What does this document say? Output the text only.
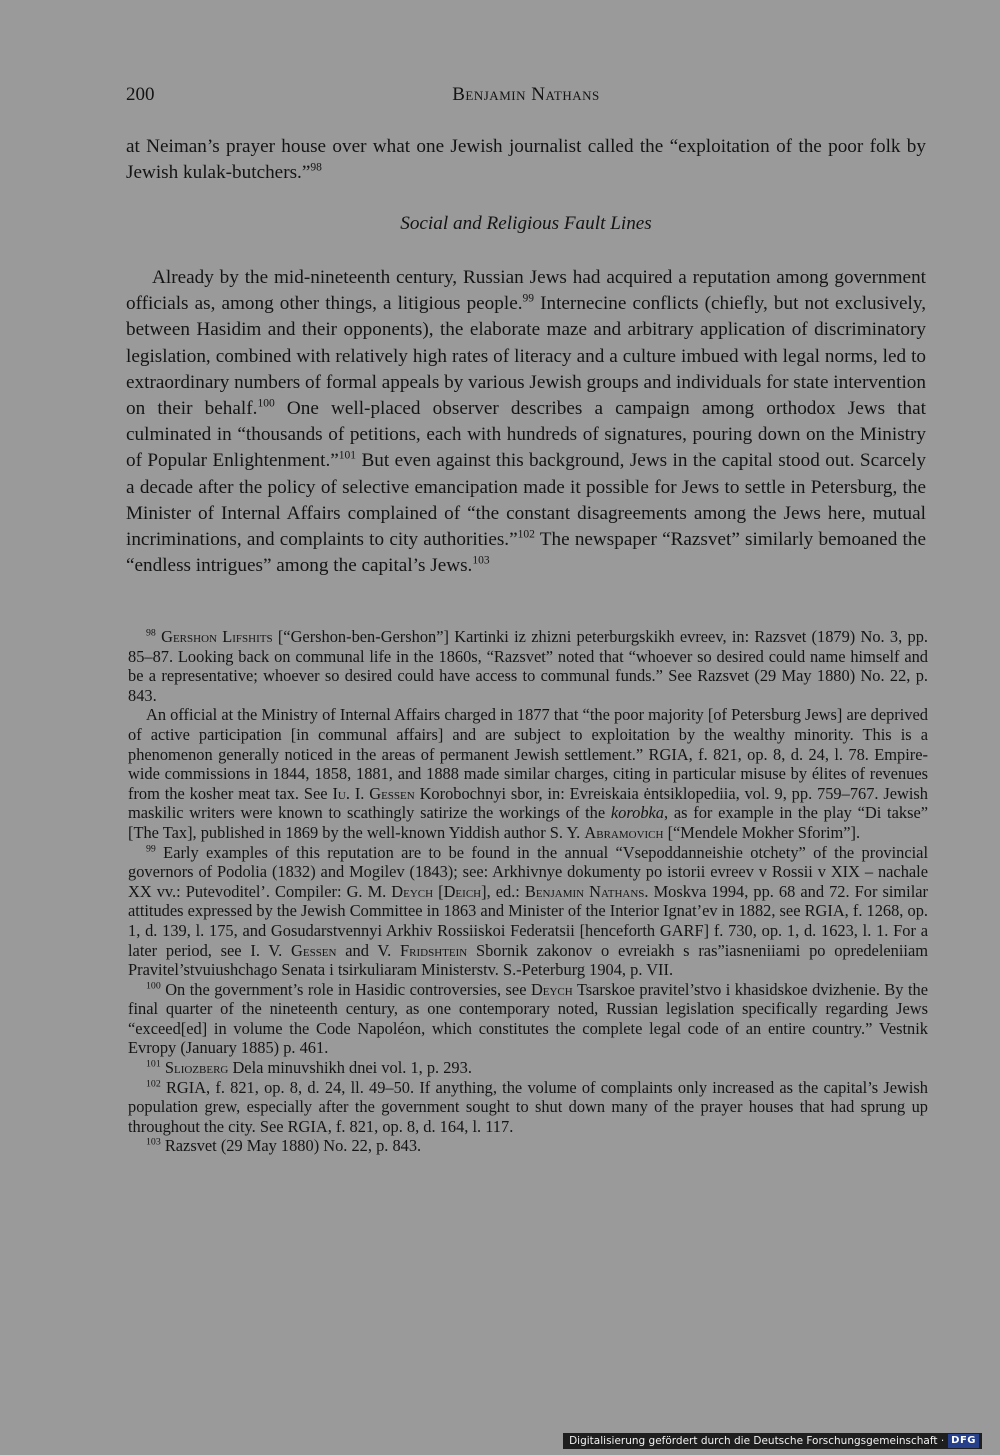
200	Benjamin Nathans
at Neiman’s prayer house over what one Jewish journalist called the “exploitation of the poor folk by Jewish kulak-butchers.”$^{98}$
Social and Religious Fault Lines
Already by the mid-nineteenth century, Russian Jews had acquired a reputation among government officials as, among other things, a litigious people.$^{99}$ Internecine conflicts (chiefly, but not exclusively, between Hasidim and their opponents), the elaborate maze and arbitrary application of discriminatory legislation, combined with relatively high rates of literacy and a culture imbued with legal norms, led to extraordinary numbers of formal appeals by various Jewish groups and individuals for state intervention on their behalf.$^{100}$ One well-placed observer describes a campaign among orthodox Jews that culminated in “thousands of petitions, each with hundreds of signatures, pouring down on the Ministry of Popular Enlightenment.”$^{101}$ But even against this background, Jews in the capital stood out. Scarcely a decade after the policy of selective emancipation made it possible for Jews to settle in Petersburg, the Minister of Internal Affairs complained of “the constant disagreements among the Jews here, mutual incriminations, and complaints to city authorities.”$^{102}$ The newspaper “Razsvet” similarly bemoaned the “endless intrigues” among the capital’s Jews.$^{103}$

$^{98}$ Gershon Lifshits [“Gershon-ben-Gershon”] Kartinki iz zhizni peterburgskikh evreev, in: Razsvet (1879) No. 3, pp. 85–87. Looking back on communal life in the 1860s, “Razsvet” noted that “whoever so desired could name himself and be a representative; whoever so desired could have access to communal funds.” See Razsvet (29 May 1880) No. 22, p. 843.

An official at the Ministry of Internal Affairs charged in 1877 that “the poor majority [of Petersburg Jews] are deprived of active participation [in communal affairs] and are subject to exploitation by the wealthy minority. This is a phenomenon generally noticed in the areas of permanent Jewish settlement.” RGIA, f. 821, op. 8, d. 24, l. 78. Empire-wide commissions in 1844, 1858, 1881, and 1888 made similar charges, citing in particular misuse by élites of revenues from the kosher meat tax. See Iu. I. Gessen Korobochnyi sbor, in: Evreiskaia ėntsiklopediia, vol. 9, pp. 759–767. Jewish maskilic writers were known to scathingly satirize the workings of the korobka, as for example in the play “Di takse” [The Tax], published in 1869 by the well-known Yiddish author S. Y. Abramovich [“Mendele Mokher Sforim”].

$^{99}$ Early examples of this reputation are to be found in the annual “Vsepoddanneishie otchety” of the provincial governors of Podolia (1832) and Mogilev (1843); see: Arkhivnye dokumenty po istorii evreev v Rossii v XIX – nachale XX vv.: Putevoditel’. Compiler: G. M. Deych [Deich], ed.: Benjamin Nathans. Moskva 1994, pp. 68 and 72. For similar attitudes expressed by the Jewish Committee in 1863 and Minister of the Interior Ignat’ev in 1882, see RGIA, f. 1268, op. 1, d. 139, l. 175, and Gosudarstvennyi Arkhiv Rossiiskoi Federatsii [henceforth GARF] f. 730, op. 1, d. 1623, l. 1. For a later period, see I. V. Gessen and V. Fridshtein Sbornik zakonov o evreiakh s ras”iasneniiami po opredeleniiam Pravitel’stvuiushchago Senata i tsirkuliaram Ministerstv. S.-Peterburg 1904, p. VII.

$^{100}$ On the government’s role in Hasidic controversies, see Deych Tsarskoe pravitel’stvo i khasidskoe dvizhenie. By the final quarter of the nineteenth century, as one contemporary noted, Russian legislation specifically regarding Jews “exceed[ed] in volume the Code Napoléon, which constitutes the complete legal code of an entire country.” Vestnik Evropy (January 1885) p. 461.

$^{101}$ Sliozberg Dela minuvshikh dnei vol. 1, p. 293.

$^{102}$ RGIA, f. 821, op. 8, d. 24, ll. 49–50. If anything, the volume of complaints only increased as the capital’s Jewish population grew, especially after the government sought to shut down many of the prayer houses that had sprung up throughout the city. See RGIA, f. 821, op. 8, d. 164, l. 117.

$^{103}$ Razsvet (29 May 1880) No. 22, p. 843.

Digitalisierung gefördert durch die Deutsche Forschungsgemeinschaft · DFG
